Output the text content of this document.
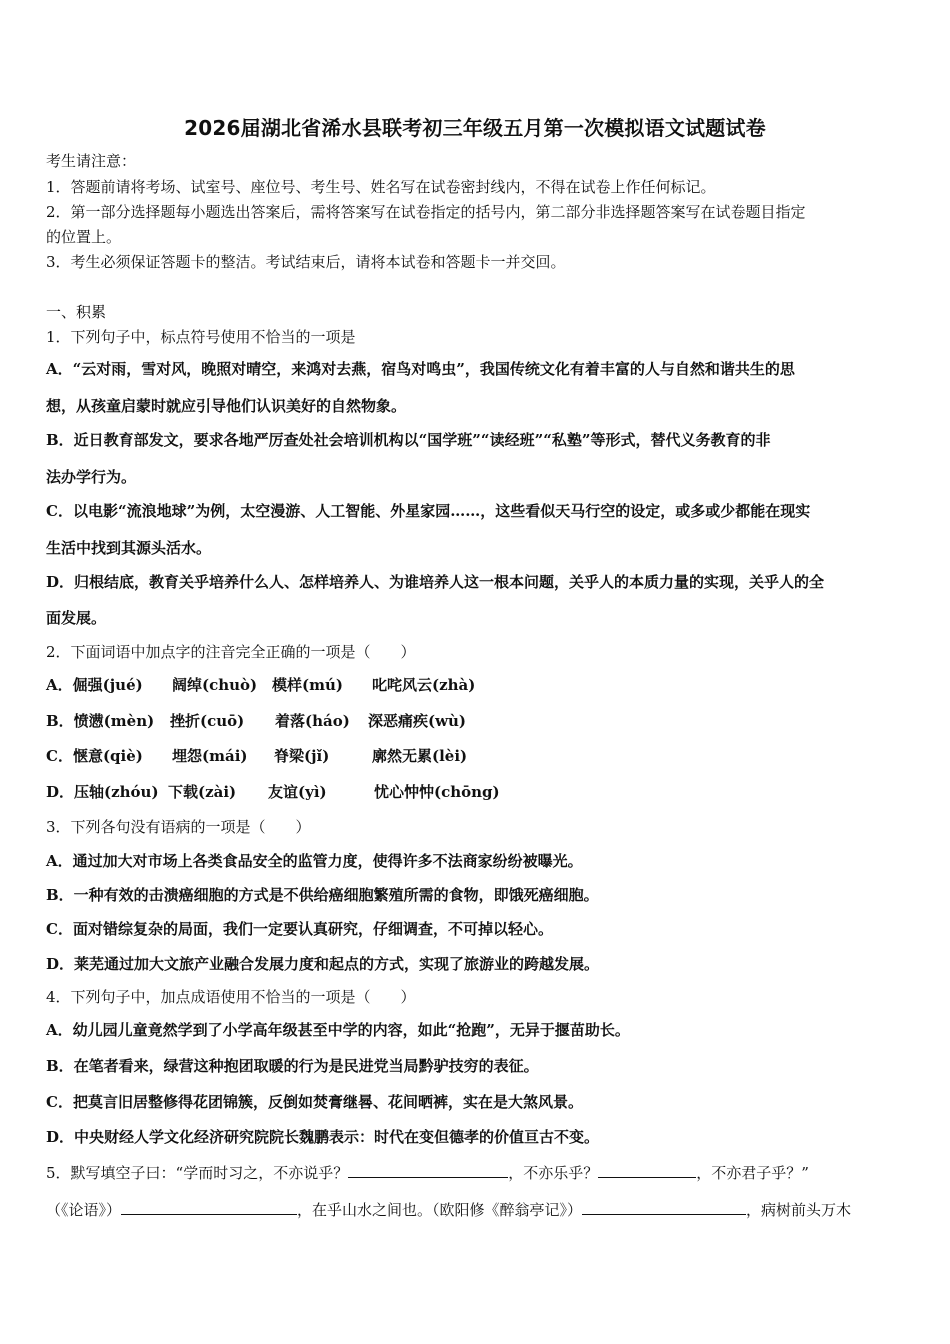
2026届湖北省浠水县联考初三年级五月第一次模拟语文试题试卷
考生请注意：
1．答题前请将考场、试室号、座位号、考生号、姓名写在试卷密封线内，不得在试卷上作任何标记。
2．第一部分选择题每小题选出答案后，需将答案写在试卷指定的括号内，第二部分非选择题答案写在试卷题目指定
的位置上。
3．考生必须保证答题卡的整洁。考试结束后，请将本试卷和答题卡一并交回。
一、积累
1．下列句子中，标点符号使用不恰当的一项是
A．“云对雨，雪对风，晚照对晴空，来鸿对去燕，宿鸟对鸣虫”，我国传统文化有着丰富的人与自然和谐共生的思
想，从孩童启蒙时就应引导他们认识美好的自然物象。
B．近日教育部发文，要求各地严厉查处社会培训机构以“国学班”“读经班”“私塾”等形式，替代义务教育的非
法办学行为。
C．以电影“流浪地球”为例，太空漫游、人工智能、外星家园……，这些看似天马行空的设定，或多或少都能在现实
生活中找到其源头活水。
D．归根结底，教育关乎培养什么人、怎样培养人、为谁培养人这一根本问题，关乎人的本质力量的实现，关乎人的全
面发展。
2．下面词语中加点字的注音完全正确的一项是（　　）
A．倔强(jué) 阔绰(chuò) 模样(mú) 叱咤风云(zhà)
B．愤懑(mèn) 挫折(cuō) 着落(háo) 深恶痛疾(wù)
C．惬意(qiè) 埋怨(mái) 脊梁(jǐ)	廓然无累(lèi)
D．压轴(zhóu) 下载(zài) 友谊(yì)	忧心忡忡(chōng)
3．下列各句没有语病的一项是（　　）
A．通过加大对市场上各类食品安全的监管力度，使得许多不法商家纷纷被曝光。
B．一种有效的击溃癌细胞的方式是不供给癌细胞繁殖所需的食物，即饿死癌细胞。
C．面对错综复杂的局面，我们一定要认真研究，仔细调查，不可掉以轻心。
D．莱芜通过加大文旅产业融合发展力度和起点的方式，实现了旅游业的跨越发展。
4．下列句子中，加点成语使用不恰当的一项是（　　）
A．幼儿园儿童竟然学到了小学高年级甚至中学的内容，如此“抢跑”，无异于揠苗助长。
B．在笔者看来，绿营这种抱团取暖的行为是民进党当局黔驴技穷的表征。
C．把莫言旧居整修得花团锦簇，反倒如焚膏继晷、花间晒裤，实在是大煞风景。
D．中央财经人学文化经济研究院院长魏鹏表示：时代在变但德孝的价值亘古不变。
5．默写填空子曰：“学而时习之，不亦说乎？	，不亦乐乎？	，不亦君子乎？”
（《论语》）	，在乎山水之间也。（欧阳修《醉翁亭记》）	，病树前头万木
